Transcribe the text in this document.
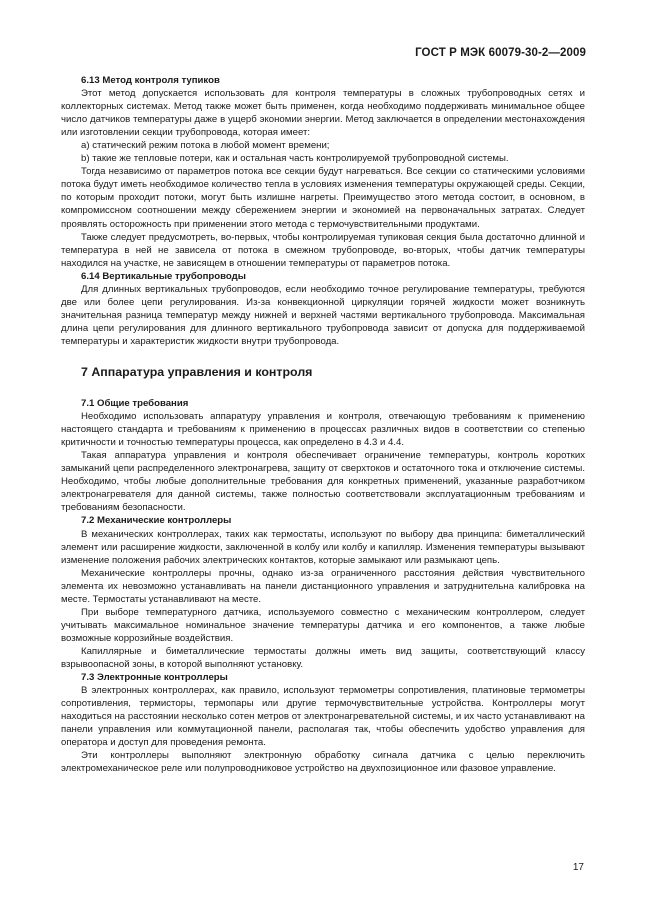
ГОСТ Р МЭК 60079-30-2—2009

6.13 Метод контроля тупиков

Этот метод допускается использовать для контроля температуры в сложных трубопроводных сетях и коллекторных системах. Метод также может быть применен, когда необходимо поддерживать минимальное общее число датчиков температуры даже в ущерб экономии энергии. Метод заключается в определении местонахождения или изготовлении секции трубопровода, которая имеет:

а) статический режим потока в любой момент времени;

b) такие же тепловые потери, как и остальная часть контролируемой трубопроводной системы.

Тогда независимо от параметров потока все секции будут нагреваться. Все секции со статическими условиями потока будут иметь необходимое количество тепла в условиях изменения температуры окружающей среды. Секции, по которым проходит потоки, могут быть излишне нагреты. Преимущество этого метода состоит, в основном, в компромиссном соотношении между сбережением энергии и экономией на первоначальных затратах. Следует проявлять осторожность при применении этого метода с термочувствительными продуктами.

Также следует предусмотреть, во-первых, чтобы контролируемая тупиковая секция была достаточно длинной и температура в ней не зависела от потока в смежном трубопроводе, во-вторых, чтобы датчик температуры находился на участке, не зависящем в отношении температуры от параметров потока.

6.14 Вертикальные трубопроводы

Для длинных вертикальных трубопроводов, если необходимо точное регулирование температуры, требуются две или более цепи регулирования. Из-за конвекционной циркуляции горячей жидкости может возникнуть значительная разница температур между нижней и верхней частями вертикального трубопровода. Максимальная длина цепи регулирования для длинного вертикального трубопровода зависит от допуска для поддерживаемой температуры и характеристик жидкости внутри трубопровода.

7 Аппаратура управления и контроля

7.1 Общие требования

Необходимо использовать аппаратуру управления и контроля, отвечающую требованиям к применению настоящего стандарта и требованиям к применению в процессах различных видов в соответствии со степенью критичности и точностью температуры процесса, как определено в 4.3 и 4.4.

Такая аппаратура управления и контроля обеспечивает ограничение температуры, контроль коротких замыканий цепи распределенного электронагрева, защиту от сверхтоков и остаточного тока и отключение системы. Необходимо, чтобы любые дополнительные требования для конкретных применений, указанные разработчиком электронагревателя для данной системы, также полностью соответствовали эксплуатационным требованиям и требованиям безопасности.

7.2 Механические контроллеры

В механических контроллерах, таких как термостаты, используют по выбору два принципа: биметаллический элемент или расширение жидкости, заключенной в колбу или колбу и капилляр. Изменения температуры вызывают изменение положения рабочих электрических контактов, которые замыкают или размыкают цепь.

Механические контроллеры прочны, однако из-за ограниченного расстояния действия чувствительного элемента их невозможно устанавливать на панели дистанционного управления и затруднительна калибровка на месте. Термостаты устанавливают на месте.

При выборе температурного датчика, используемого совместно с механическим контроллером, следует учитывать максимальное номинальное значение температуры датчика и его компонентов, а также любые возможные коррозийные воздействия.

Капиллярные и биметаллические термостаты должны иметь вид защиты, соответствующий классу взрывоопасной зоны, в которой выполняют установку.

7.3 Электронные контроллеры

В электронных контроллерах, как правило, используют термометры сопротивления, платиновые термометры сопротивления, термисторы, термопары или другие термочувствительные устройства. Контроллеры могут находиться на расстоянии несколько сотен метров от электронагревательной системы, и их часто устанавливают на панели управления или коммутационной панели, располагая так, чтобы обеспечить удобство управления для оператора и доступ для проведения ремонта.

Эти контроллеры выполняют электронную обработку сигнала датчика с целью переключить электромеханическое реле или полупроводниковое устройство на двухпозиционное или фазовое управление.

17
